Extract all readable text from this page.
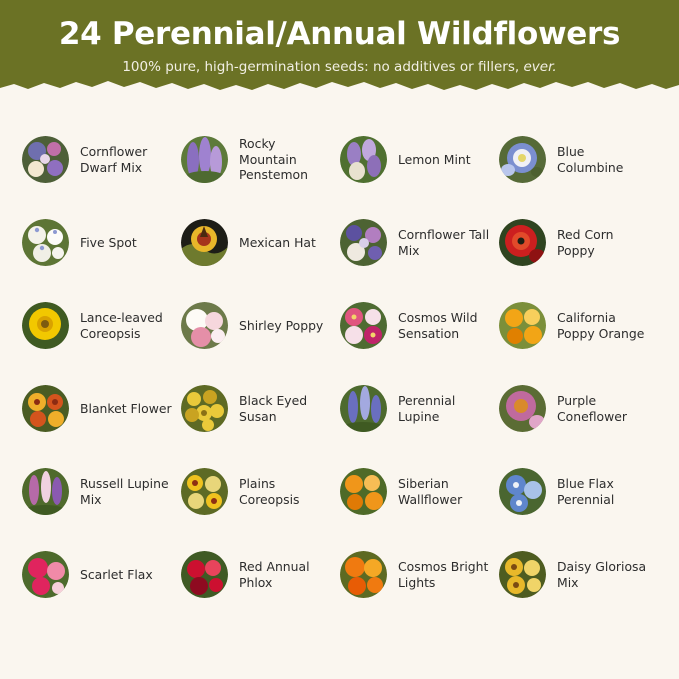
24 Perennial/Annual Wildflowers
100% pure, high-germination seeds: no additives or fillers, ever.
Cornflower Dwarf Mix
Rocky Mountain Penstemon
Lemon Mint
Blue Columbine
Five Spot	Mexican Hat
Cornflower Tall Mix
Red Corn Poppy
Lance-leaved Coreopsis
Shirley Poppy
Cosmos Wild Sensation
California Poppy Orange
Blanket Flower
Black Eyed Susan
Perennial Lupine
Purple Coneflower
Russell Lupine Mix
Plains Coreopsis
Siberian Wallflower
Blue Flax Perennial
Scarlet Flax
Red Annual Phlox
Cosmos Bright Lights
Daisy Gloriosa Mix
